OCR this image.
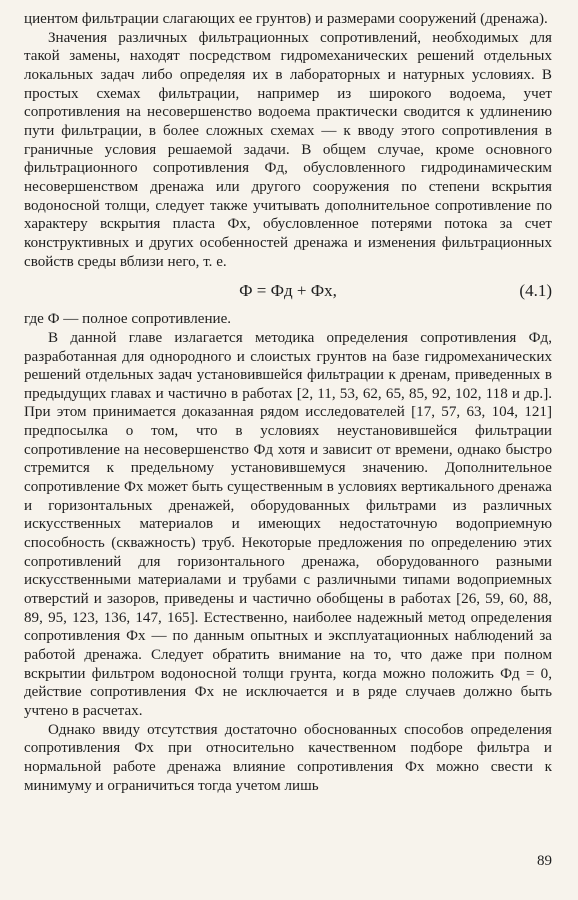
циентом фильтрации слагающих ее грунтов) и размерами сооружений (дренажа).

Значения различных фильтрационных сопротивлений, необходимых для такой замены, находят посредством гидромеханических решений отдельных локальных задач либо определяя их в лабораторных и натурных условиях. В простых схемах фильтрации, например из широкого водоема, учет сопротивления на несовершенство водоема практически сводится к удлинению пути фильтрации, в более сложных схемах — к вводу этого сопротивления в граничные условия решаемой задачи. В общем случае, кроме основного фильтрационного сопротивления Фд, обусловленного гидродинамическим несовершенством дренажа или другого сооружения по степени вскрытия водоносной толщи, следует также учитывать дополнительное сопротивление по характеру вскрытия пласта Фх, обусловленное потерями потока за счет конструктивных и других особенностей дренажа и изменения фильтрационных свойств среды вблизи него, т. е.

Ф = Фд + Фх,	(4.1)

где Ф — полное сопротивление.

В данной главе излагается методика определения сопротивления Фд, разработанная для однородного и слоистых грунтов на базе гидромеханических решений отдельных задач установившейся фильтрации к дренам, приведенных в предыдущих главах и частично в работах [2, 11, 53, 62, 65, 85, 92, 102, 118 и др.]. При этом принимается доказанная рядом исследователей [17, 57, 63, 104, 121] предпосылка о том, что в условиях неустановившейся фильтрации сопротивление на несовершенство Фд хотя и зависит от времени, однако быстро стремится к предельному установившемуся значению. Дополнительное сопротивление Фх может быть существенным в условиях вертикального дренажа и горизонтальных дренажей, оборудованных фильтрами из различных искусственных материалов и имеющих недостаточную водоприемную способность (скважность) труб. Некоторые предложения по определению этих сопротивлений для горизонтального дренажа, оборудованного разными искусственными материалами и трубами с различными типами водоприемных отверстий и зазоров, приведены и частично обобщены в работах [26, 59, 60, 88, 89, 95, 123, 136, 147, 165]. Естественно, наиболее надежный метод определения сопротивления Фх — по данным опытных и эксплуатационных наблюдений за работой дренажа. Следует обратить внимание на то, что даже при полном вскрытии фильтром водоносной толщи грунта, когда можно положить Фд = 0, действие сопротивления Фх не исключается и в ряде случаев должно быть учтено в расчетах.

Однако ввиду отсутствия достаточно обоснованных способов определения сопротивления Фх при относительно качественном подборе фильтра и нормальной работе дренажа влияние сопротивления Фх можно свести к минимуму и ограничиться тогда учетом лишь

89
